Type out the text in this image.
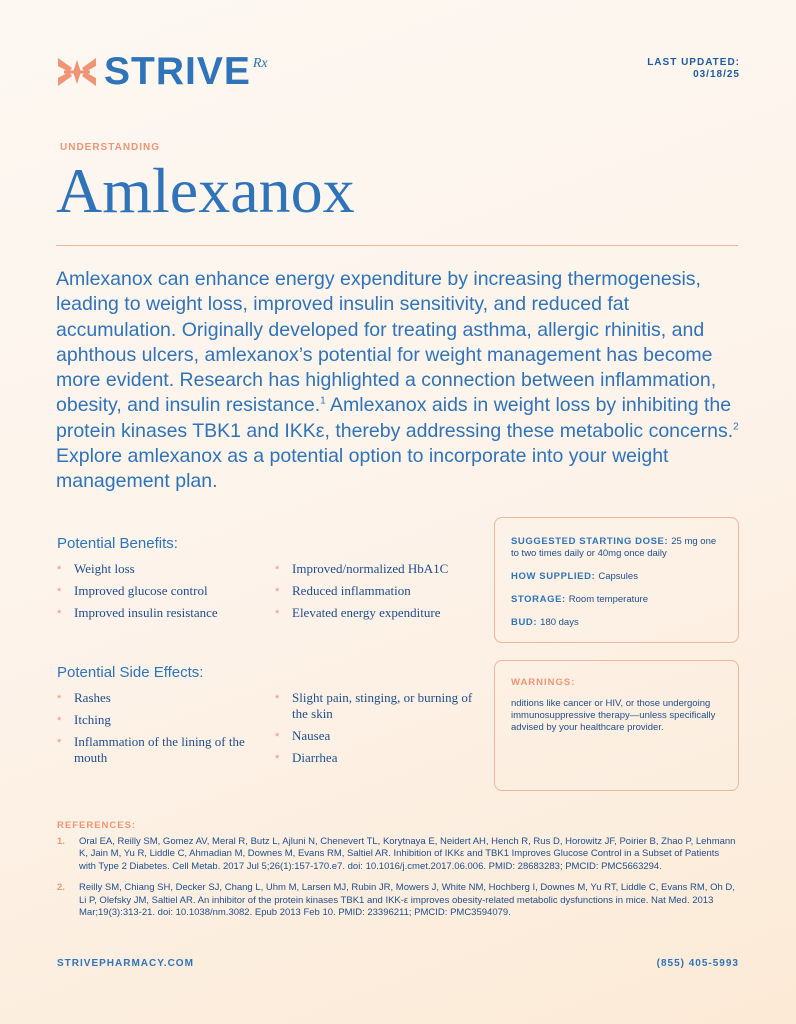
STRIVE Rx	LAST UPDATED:
03/18/25
UNDERSTANDING
Amlexanox

Amlexanox can enhance energy expenditure by increasing thermogenesis, leading to weight loss, improved insulin sensitivity, and reduced fat accumulation. Originally developed for treating asthma, allergic rhinitis, and aphthous ulcers, amlexanox’s potential for weight management has become more evident. Research has highlighted a connection between inflammation, obesity, and insulin resistance.$^1$ Amlexanox aids in weight loss by inhibiting the protein kinases TBK1 and IKKε, thereby addressing these metabolic concerns.$^2$ Explore amlexanox as a potential option to incorporate into your weight management plan.

Potential Benefits:
* Weight loss
* Improved glucose control
* Improved insulin resistance
* Improved/normalized HbA1C
* Reduced inflammation
* Elevated energy expenditure
Potential Side Effects:
* Rashes
* Itching
* Inflammation of the lining of the mouth
* Slight pain, stinging, or burning of the skin
* Nausea
* Diarrhea
SUGGESTED STARTING DOSE: 25 mg one to two times daily or 40mg once daily
HOW SUPPLIED: Capsules
STORAGE: Room temperature
BUD: 180 days
WARNINGS:
nditions like cancer or HIV, or those undergoing immunosuppressive therapy—unless specifically advised by your healthcare provider.
REFERENCES:
1. Oral EA, Reilly SM, Gomez AV, Meral R, Butz L, Ajluni N, Chenevert TL, Korytnaya E, Neidert AH, Hench R, Rus D, Horowitz JF, Poirier B, Zhao P, Lehmann K, Jain M, Yu R, Liddle C, Ahmadian M, Downes M, Evans RM, Saltiel AR. Inhibition of IKKε and TBK1 Improves Glucose Control in a Subset of Patients with Type 2 Diabetes. Cell Metab. 2017 Jul 5;26(1):157-170.e7. doi: 10.1016/j.cmet.2017.06.006. PMID: 28683283; PMCID: PMC5663294.
2. Reilly SM, Chiang SH, Decker SJ, Chang L, Uhm M, Larsen MJ, Rubin JR, Mowers J, White NM, Hochberg I, Downes M, Yu RT, Liddle C, Evans RM, Oh D, Li P, Olefsky JM, Saltiel AR. An inhibitor of the protein kinases TBK1 and IKK-ε improves obesity-related metabolic dysfunctions in mice. Nat Med. 2013 Mar;19(3):313-21. doi: 10.1038/nm.3082. Epub 2013 Feb 10. PMID: 23396211; PMCID: PMC3594079.
STRIVEPHARMACY.COM	(855) 405-5993
